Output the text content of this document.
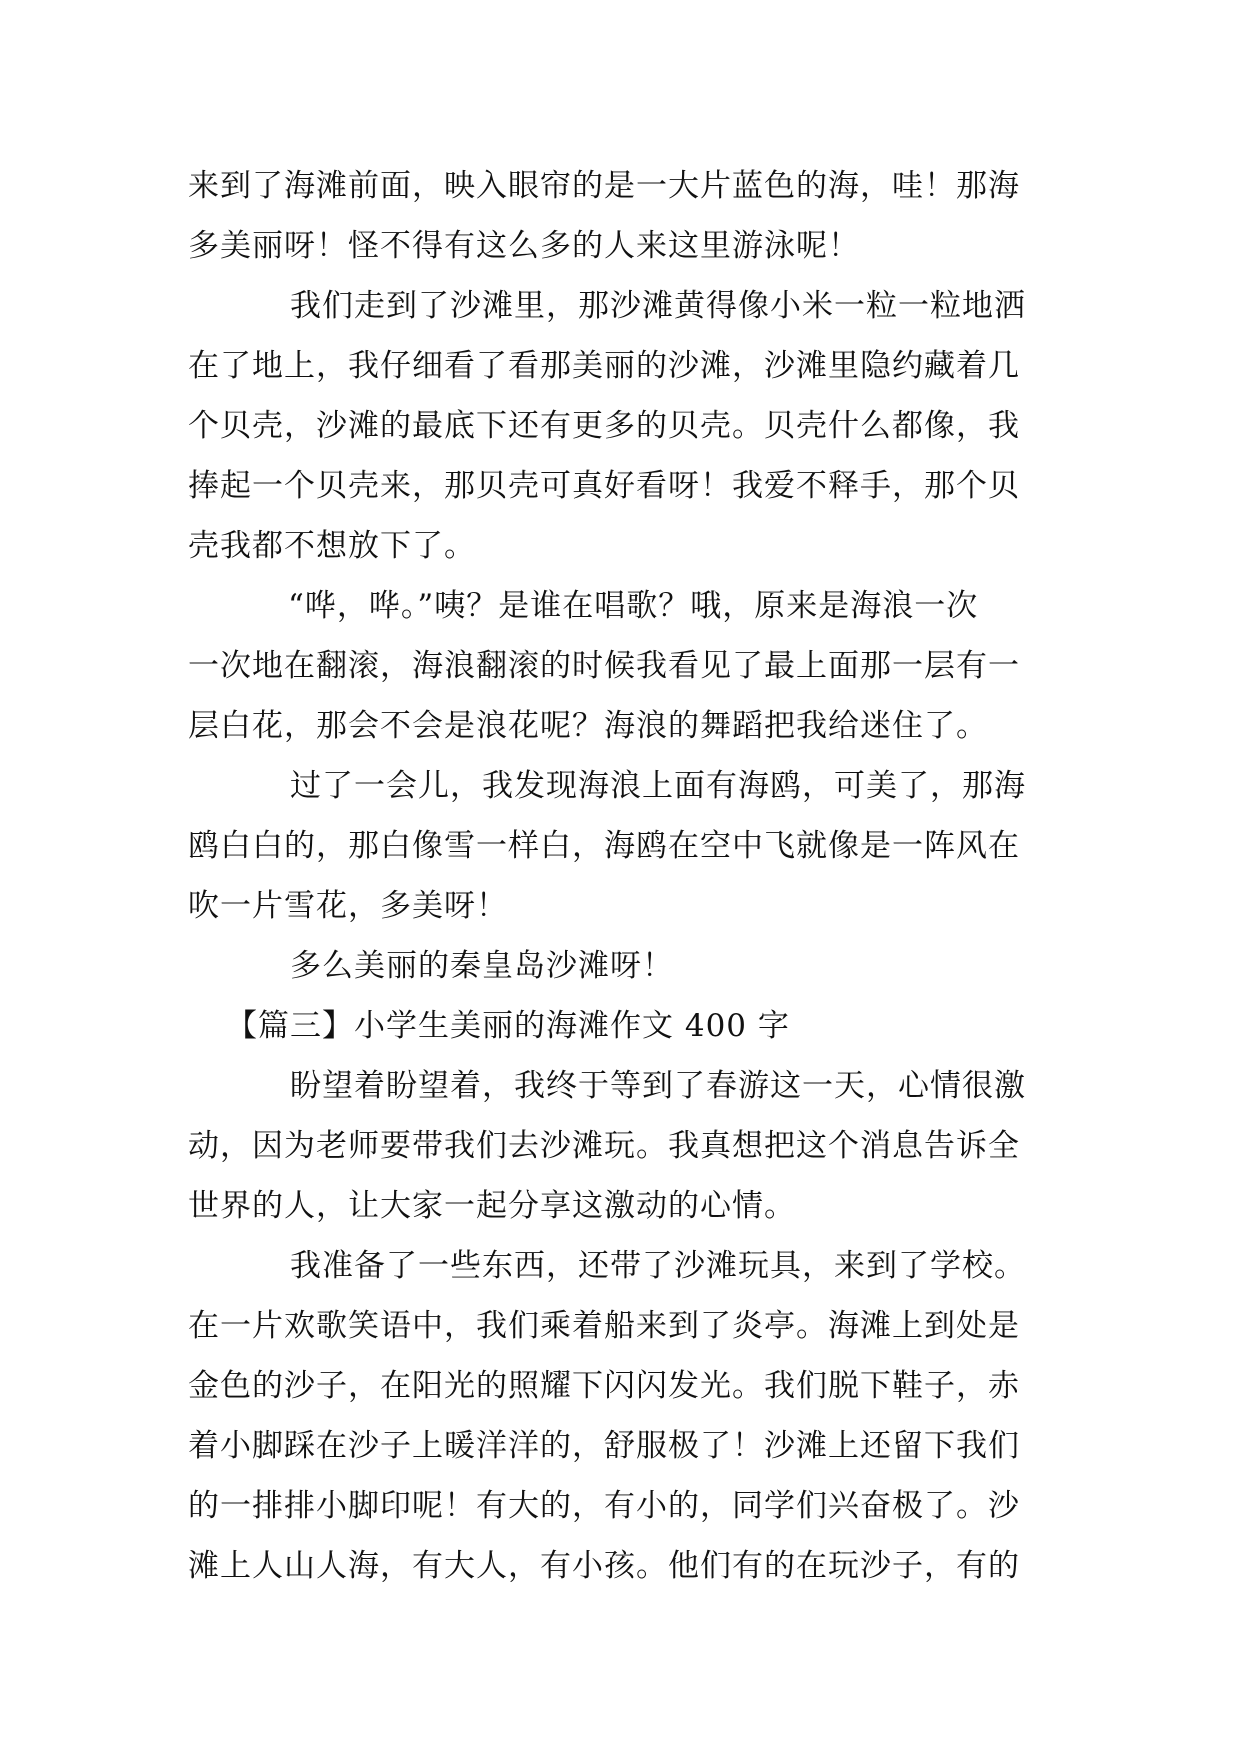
来到了海滩前面，映入眼帘的是一大片蓝色的海，哇！那海
多美丽呀！怪不得有这么多的人来这里游泳呢！
我们走到了沙滩里，那沙滩黄得像小米一粒一粒地洒
在了地上，我仔细看了看那美丽的沙滩，沙滩里隐约藏着几
个贝壳，沙滩的最底下还有更多的贝壳。贝壳什么都像，我
捧起一个贝壳来，那贝壳可真好看呀！我爱不释手，那个贝
壳我都不想放下了。
“哗，哗。”咦？是谁在唱歌？哦，原来是海浪一次
一次地在翻滚，海浪翻滚的时候我看见了最上面那一层有一
层白花，那会不会是浪花呢？海浪的舞蹈把我给迷住了。
过了一会儿，我发现海浪上面有海鸥，可美了，那海
鸥白白的，那白像雪一样白，海鸥在空中飞就像是一阵风在
吹一片雪花，多美呀！
多么美丽的秦皇岛沙滩呀！
【篇三】小学生美丽的海滩作文 400 字
盼望着盼望着，我终于等到了春游这一天，心情很激
动，因为老师要带我们去沙滩玩。我真想把这个消息告诉全
世界的人，让大家一起分享这激动的心情。
我准备了一些东西，还带了沙滩玩具，来到了学校。
在一片欢歌笑语中，我们乘着船来到了炎亭。海滩上到处是
金色的沙子，在阳光的照耀下闪闪发光。我们脱下鞋子，赤
着小脚踩在沙子上暖洋洋的，舒服极了！沙滩上还留下我们
的一排排小脚印呢！有大的，有小的，同学们兴奋极了。沙
滩上人山人海，有大人，有小孩。他们有的在玩沙子，有的
